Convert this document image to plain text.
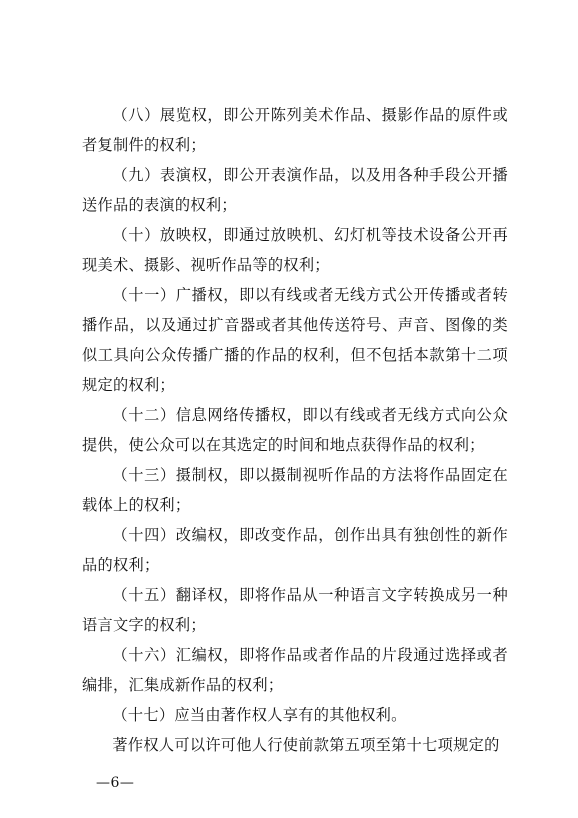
（八）展览权，即公开陈列美术作品、摄影作品的原件或者复制件的权利；

（九）表演权，即公开表演作品，以及用各种手段公开播送作品的表演的权利；

（十）放映权，即通过放映机、幻灯机等技术设备公开再现美术、摄影、视听作品等的权利；

（十一）广播权，即以有线或者无线方式公开传播或者转播作品，以及通过扩音器或者其他传送符号、声音、图像的类似工具向公众传播广播的作品的权利，但不包括本款第十二项规定的权利；

（十二）信息网络传播权，即以有线或者无线方式向公众提供，使公众可以在其选定的时间和地点获得作品的权利；

（十三）摄制权，即以摄制视听作品的方法将作品固定在载体上的权利；

（十四）改编权，即改变作品，创作出具有独创性的新作品的权利；

（十五）翻译权，即将作品从一种语言文字转换成另一种语言文字的权利；

（十六）汇编权，即将作品或者作品的片段通过选择或者编排，汇集成新作品的权利；

（十七）应当由著作权人享有的其他权利。

著作权人可以许可他人行使前款第五项至第十七项规定的

—6—
